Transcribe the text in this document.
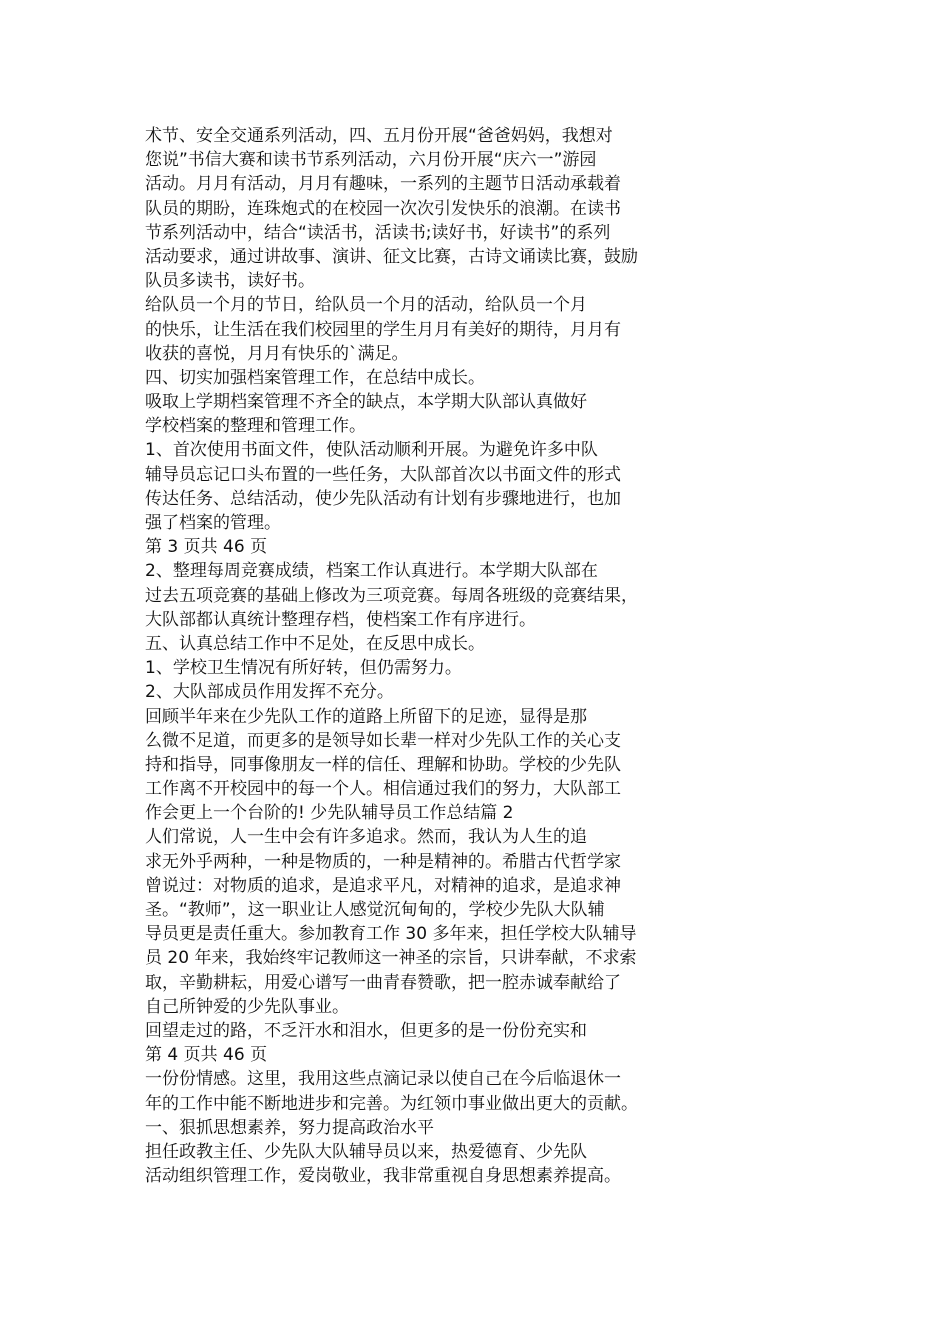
术节、安全交通系列活动，四、五月份开展“爸爸妈妈，我想对
您说”书信大赛和读书节系列活动，六月份开展“庆六一”游园
活动。月月有活动，月月有趣味，一系列的主题节日活动承载着
队员的期盼，连珠炮式的在校园一次次引发快乐的浪潮。在读书
节系列活动中，结合“读活书，活读书;读好书，好读书”的系列
活动要求，通过讲故事、演讲、征文比赛，古诗文诵读比赛，鼓励
队员多读书，读好书。
给队员一个月的节日，给队员一个月的活动，给队员一个月
的快乐，让生活在我们校园里的学生月月有美好的期待，月月有
收获的喜悦，月月有快乐的`满足。
四、切实加强档案管理工作，在总结中成长。
吸取上学期档案管理不齐全的缺点，本学期大队部认真做好
学校档案的整理和管理工作。
1、首次使用书面文件，使队活动顺利开展。为避免许多中队
辅导员忘记口头布置的一些任务，大队部首次以书面文件的形式
传达任务、总结活动，使少先队活动有计划有步骤地进行，也加
强了档案的管理。
第 3 页共 46 页
2、整理每周竞赛成绩，档案工作认真进行。本学期大队部在
过去五项竞赛的基础上修改为三项竞赛。每周各班级的竞赛结果，
大队部都认真统计整理存档，使档案工作有序进行。
五、认真总结工作中不足处，在反思中成长。
1、学校卫生情况有所好转，但仍需努力。
2、大队部成员作用发挥不充分。
回顾半年来在少先队工作的道路上所留下的足迹，显得是那
么微不足道，而更多的是领导如长辈一样对少先队工作的关心支
持和指导，同事像朋友一样的信任、理解和协助。学校的少先队
工作离不开校园中的每一个人。相信通过我们的努力，大队部工
作会更上一个台阶的! 少先队辅导员工作总结篇 2
人们常说，人一生中会有许多追求。然而，我认为人生的追
求无外乎两种，一种是物质的，一种是精神的。希腊古代哲学家
曾说过：对物质的追求，是追求平凡，对精神的追求，是追求神
圣。“教师”，这一职业让人感觉沉甸甸的，学校少先队大队辅
导员更是责任重大。参加教育工作 30 多年来，担任学校大队辅导
员 20 年来，我始终牢记教师这一神圣的宗旨，只讲奉献，不求索
取，辛勤耕耘，用爱心谱写一曲青春赞歌，把一腔赤诚奉献给了
自己所钟爱的少先队事业。
回望走过的路，不乏汗水和泪水，但更多的是一份份充实和
第 4 页共 46 页
一份份情感。这里，我用这些点滴记录以使自己在今后临退休一
年的工作中能不断地进步和完善。为红领巾事业做出更大的贡献。
一、狠抓思想素养，努力提高政治水平
担任政教主任、少先队大队辅导员以来，热爱德育、少先队
活动组织管理工作，爱岗敬业，我非常重视自身思想素养提高。
